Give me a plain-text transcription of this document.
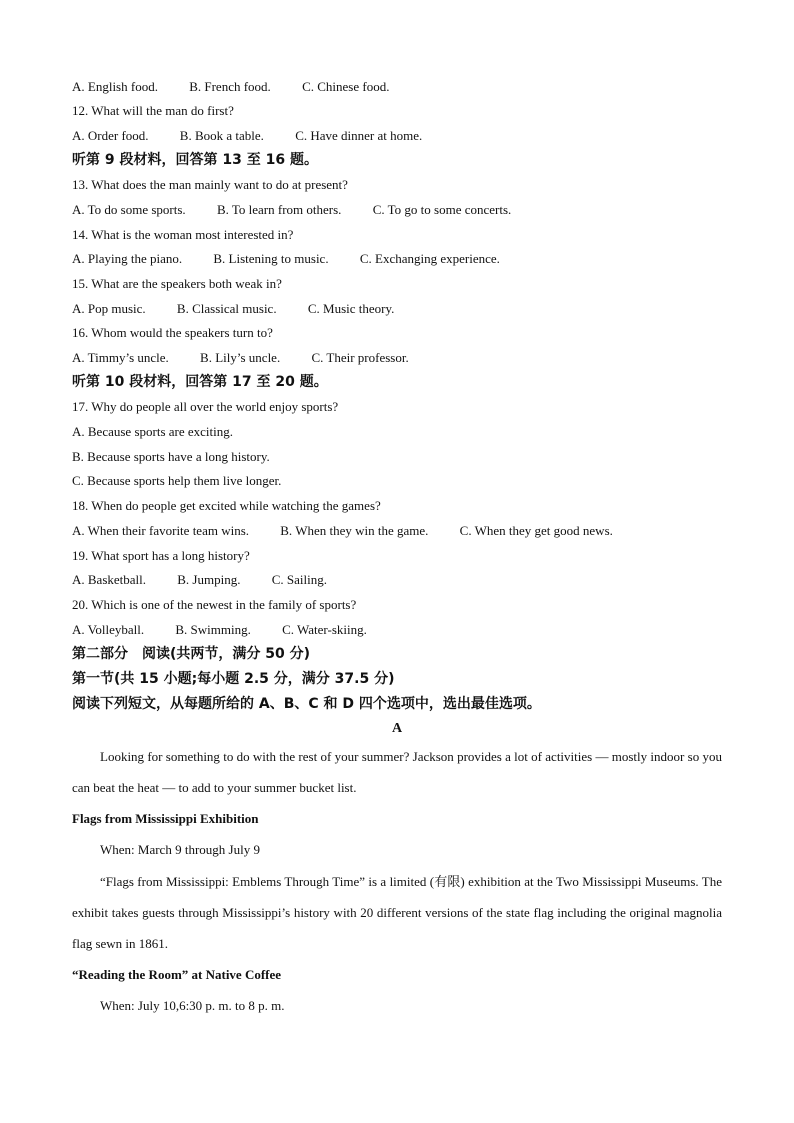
A. English food. B. French food. C. Chinese food.
12. What will the man do first?
A. Order food. B. Book a table. C. Have dinner at home.
听第 9 段材料，回答第 13 至 16 题。
13. What does the man mainly want to do at present?
A. To do some sports. B. To learn from others. C. To go to some concerts.
14. What is the woman most interested in?
A. Playing the piano. B. Listening to music. C. Exchanging experience.
15. What are the speakers both weak in?
A. Pop music. B. Classical music. C. Music theory.
16. Whom would the speakers turn to?
A. Timmy’s uncle. B. Lily’s uncle. C. Their professor.
听第 10 段材料，回答第 17 至 20 题。
17. Why do people all over the world enjoy sports?
A. Because sports are exciting.
B. Because sports have a long history.
C. Because sports help them live longer.
18. When do people get excited while watching the games?
A. When their favorite team wins. B. When they win the game. C. When they get good news.
19. What sport has a long history?
A. Basketball. B. Jumping. C. Sailing.
20. Which is one of the newest in the family of sports?
A. Volleyball. B. Swimming. C. Water-skiing.
第二部分　阅读(共两节，满分 50 分)
第一节(共 15 小题;每小题 2.5 分，满分 37.5 分)
阅读下列短文，从每题所给的 A、B、C 和 D 四个选项中，选出最佳选项。
A

Looking for something to do with the rest of your summer? Jackson provides a lot of activities — mostly indoor so you can beat the heat — to add to your summer bucket list.

Flags from Mississippi Exhibition
When: March 9 through July 9

“Flags from Mississippi: Emblems Through Time” is a limited (有限) exhibition at the Two Mississippi Museums. The exhibit takes guests through Mississippi’s history with 20 different versions of the state flag including the original magnolia flag sewn in 1861.

“Reading the Room” at Native Coffee
When: July 10,6:30 p. m. to 8 p. m.
